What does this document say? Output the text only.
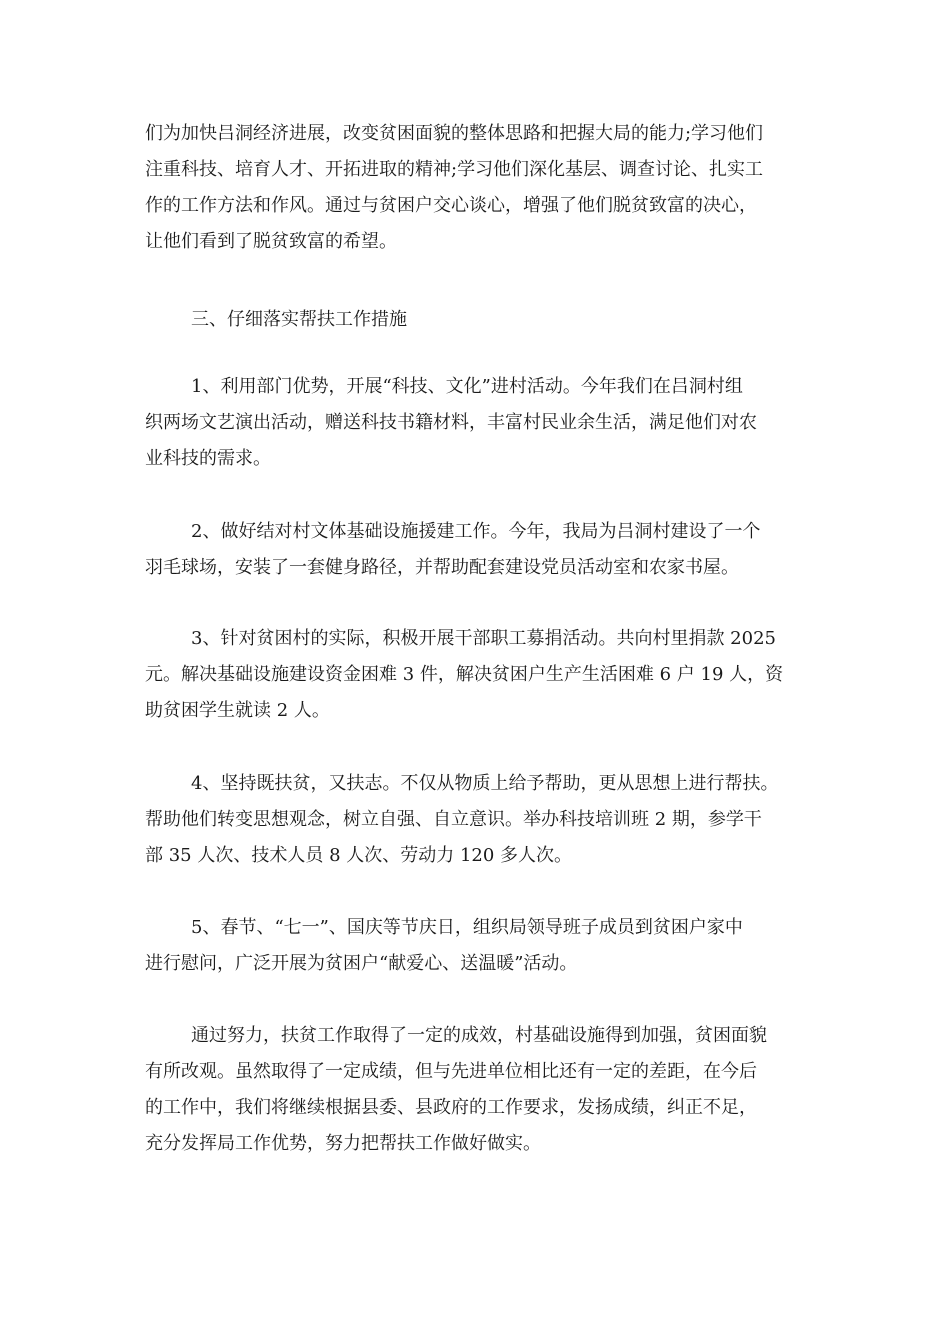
们为加快吕洞经济进展，改变贫困面貌的整体思路和把握大局的能力;学习他们
注重科技、培育人才、开拓进取的精神;学习他们深化基层、调查讨论、扎实工
作的工作方法和作风。通过与贫困户交心谈心，增强了他们脱贫致富的决心，
让他们看到了脱贫致富的希望。
三、仔细落实帮扶工作措施
1、利用部门优势，开展“科技、文化”进村活动。今年我们在吕洞村组
织两场文艺演出活动，赠送科技书籍材料，丰富村民业余生活，满足他们对农
业科技的需求。
2、做好结对村文体基础设施援建工作。今年，我局为吕洞村建设了一个
羽毛球场，安装了一套健身路径，并帮助配套建设党员活动室和农家书屋。
3、针对贫困村的实际，积极开展干部职工募捐活动。共向村里捐款 2025
元。解决基础设施建设资金困难 3 件，解决贫困户生产生活困难 6 户 19 人，资
助贫困学生就读 2 人。
4、坚持既扶贫，又扶志。不仅从物质上给予帮助，更从思想上进行帮扶。
帮助他们转变思想观念，树立自强、自立意识。举办科技培训班 2 期，参学干
部 35 人次、技术人员 8 人次、劳动力 120 多人次。
5、春节、“七一”、国庆等节庆日，组织局领导班子成员到贫困户家中
进行慰问，广泛开展为贫困户“献爱心、送温暖”活动。
通过努力，扶贫工作取得了一定的成效，村基础设施得到加强，贫困面貌
有所改观。虽然取得了一定成绩，但与先进单位相比还有一定的差距，在今后
的工作中，我们将继续根据县委、县政府的工作要求，发扬成绩，纠正不足，
充分发挥局工作优势，努力把帮扶工作做好做实。
